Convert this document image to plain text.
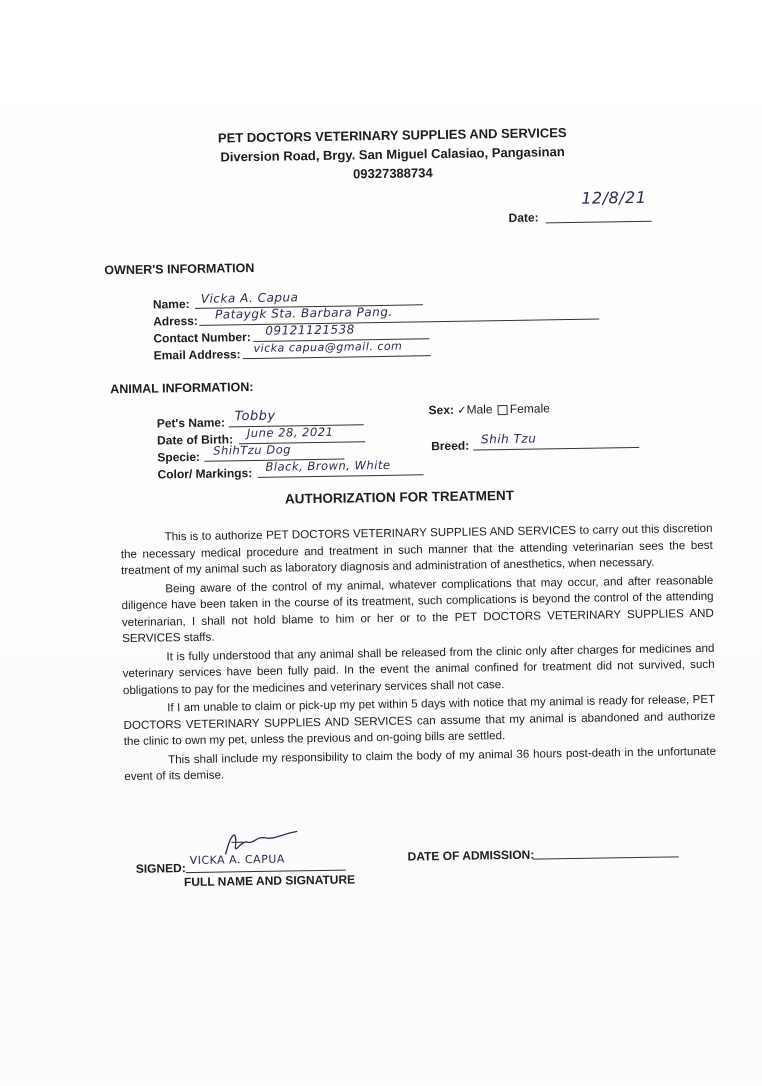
PET DOCTORS VETERINARY SUPPLIES AND SERVICES
Diversion Road, Brgy. San Miguel Calasiao, Pangasinan
09327388734
Date:
12/8/21
OWNER'S INFORMATION
Name: Vicka A. Capua
Adress: Pataygk Sta. Barbara Pang.
Contact Number: 09121121538
Email Address: vicka capua@gmail. com
ANIMAL INFORMATION:
Pet's Name: Tobby
Date of Birth: June 28, 2021
Specie: ShihTzu Dog
Color/ Markings: Black, Brown, White
Sex: ✓Male Female
Breed: Shih Tzu
AUTHORIZATION FOR TREATMENT

This is to authorize PET DOCTORS VETERINARY SUPPLIES AND SERVICES to carry out this discretion the necessary medical procedure and treatment in such manner that the attending veterinarian sees the best treatment of my animal such as laboratory diagnosis and administration of anesthetics, when necessary.

Being aware of the control of my animal, whatever complications that may occur, and after reasonable diligence have been taken in the course of its treatment, such complications is beyond the control of the attending veterinarian, I shall not hold blame to him or her or to the PET DOCTORS VETERINARY SUPPLIES AND SERVICES staffs.

It is fully understood that any animal shall be released from the clinic only after charges for medicines and veterinary services have been fully paid. In the event the animal confined for treatment did not survived, such obligations to pay for the medicines and veterinary services shall not case.

If I am unable to claim or pick-up my pet within 5 days with notice that my animal is ready for release, PET DOCTORS VETERINARY SUPPLIES AND SERVICES can assume that my animal is abandoned and authorize the clinic to own my pet, unless the previous and on-going bills are settled.

This shall include my responsibility to claim the body of my animal 36 hours post-death in the unfortunate event of its demise.

SIGNED:
VICKA A. CAPUA
FULL NAME AND SIGNATURE
DATE OF ADMISSION:
